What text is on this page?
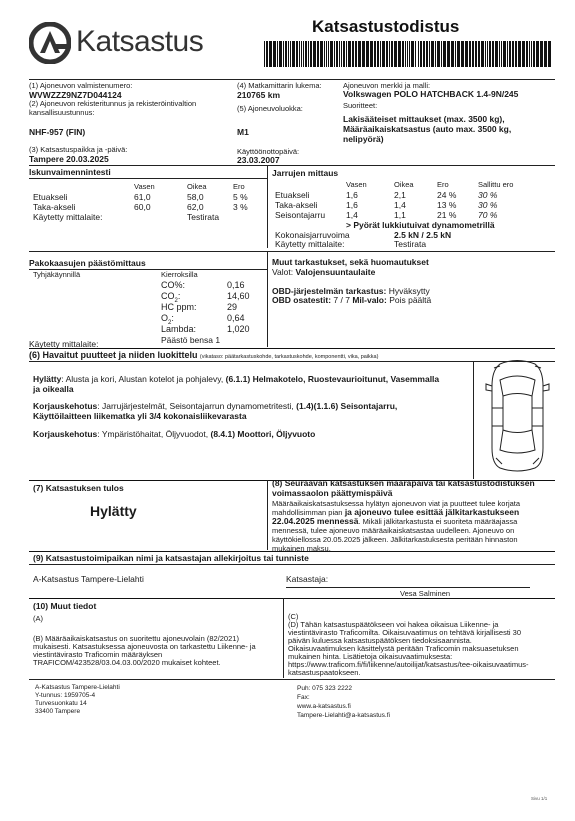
Katsastus	Katsastustodistus
(1) Ajoneuvon valmistenumero:
WVWZZZ9NZ7D044124
(2) Ajoneuvon rekisteritunnus ja rekisteröintivaltion
kansallisuustunnus:
NHF-957 (FIN)
(3) Katsastuspaikka ja -päivä:
Tampere 20.03.2025
(4) Matkamittarin lukema:
210765 km
(5) Ajoneuvoluokka:
M1
Käyttöönottopäivä:
23.03.2007
Ajoneuvon merkki ja malli:
Volkswagen POLO HATCHBACK 1.4-9N/245
Suoritteet:
Lakisääteiset mittaukset (max. 3500 kg),
Määräaikaiskatsastus (auto max. 3500 kg,
nelipyörä)
Iskunvaimennintesti
Vasen	Oikea	Ero
Etuakseli	61,0	58,0	5 %
Taka-akseli	60,0	62,0	3 %
Käytetty mittalaite:	Testirata
Jarrujen mittaus
Vasen	Oikea	Ero	Sallittu ero
Etuakseli	1,6	2,1	24 %	30 %
Taka-akseli	1,6	1,4	13 %	30 %
Seisontajarru 1,4	1,1	21 %	70 %
> Pyörät lukkiutuivat dynamometrillä
Kokonaisjarruvoima	2.5 kN / 2.5 kN
Käytetty mittalaite:	Testirata
Pakokaasujen päästömittaus
Tyhjäkäynnillä	Kierroksilla
CO%:	0,16
$CO_2$:	14,60
HC ppm:	29
$O_2$:	0,64
Lambda:	1,020
Päästö bensa 1
Käytetty mittalaite:
Muut tarkastukset, sekä huomautukset
Valot: Valojensuuntaulaite
OBD-järjestelmän tarkastus: Hyväksytty
OBD osatestit: 7 / 7 Mil-valo: Pois päältä
(6) Havaitut puutteet ja niiden luokittelu (vikataso: päätarkastuskohde, tarkastuskohde, komponentti, vika, paikka)
Hylätty: Alusta ja kori, Alustan kotelot ja pohjalevy, (6.1.1) Helmakotelo, Ruostevaurioitunut, Vasemmalla
ja oikealla
Korjauskehotus: Jarrujärjestelmät, Seisontajarrun dynamometritesti, (1.4)(1.1.6) Seisontajarru,
Käyttöilaitteen liikematka yli 3/4 kokonaisliikevarasta
Korjauskehotus: Ympäristöhaitat, Öljyvuodot, (8.4.1) Moottori, Öljyvuoto
(7) Katsastuksen tulos
Hylätty
(8) Seuraavan katsastuksen määräpäivä tai katsastustodistuksen
voimassaolon päättymispäivä
Määräaikaiskatsastuksessa hylätyn ajoneuvon viat ja puutteet tulee korjata
mahdollisimman pian ja ajoneuvo tulee esittää jälkitarkastukseen
22.04.2025 mennessä. Mikäli jälkitarkastusta ei suoriteta määräajassa
mennessä, tulee ajoneuvo määräaikaiskatsastaa uudelleen. Ajoneuvo on
käyttökiellossa 20.05.2025 jälkeen. Jälkitarkastuksesta peritään hinnaston
mukainen maksu.
(9) Katsastustoimipaikan nimi ja katsastajan allekirjoitus tai tunniste
A-Katsastus Tampere-Lielahti	Katsastaja:
Vesa Salminen
(10) Muut tiedot
(A)
(B) Määräaikaiskatsastus on suoritettu ajoneuvolain (82/2021)
mukaisesti. Katsastuksessa ajoneuvosta on tarkastettu Liikenne- ja
viestintävirasto Traficomin määräyksen
TRAFICOM/423528/03.04.03.00/2020 mukaiset kohteet.
(C)
(D) Tähän katsastuspäätökseen voi hakea oikaisua Liikenne- ja
viestintävirasto Traficomilta. Oikaisuvaatimus on tehtävä kirjallisesti 30
päivän kuluessa katsastuspäätöksen tiedoksisaannista.
Oikaisuvaatimuksen käsittelystä peritään Traficomin maksuasetuksen
mukainen hinta. Lisätietoja oikaisuvaatimuksesta:
https://www.traficom.fi/fi/liikenne/autoilijat/katsastus/tee-oikaisuvaatimus-
katsastuspaatokseen.
A-Katsastus Tampere-Lielahti
Y-tunnus: 1959705-4
Turvesuonkatu 14
33400 Tampere
Puh: 075 323 2222
Fax:
www.a-katsastus.fi
Tampere-Lielahti@a-katsastus.fi
Sivu 1/1
